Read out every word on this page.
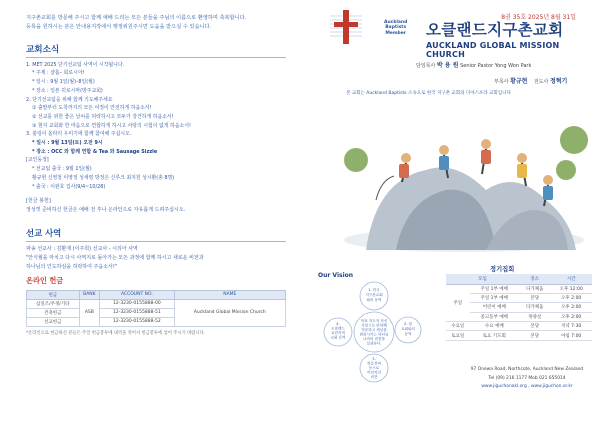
지구촌교회를 방문해 주시고 함께 예배 드리는 모든 분들을 주님의 이름으로 환영하며 축복합니다.
등록을 원하시는 분은 안내용지작에서 행정위원주시면 도움을 받으실 수 있습니다.
교회소식
1. MET 2025 단기선교팀 사역이 시작됩니다.
* 주제 : 샬롬– 회로시아!
* 일시 : 9월 1일(월)–8일(월)
* 장소 : 일본 히로시마(방주교회)
2. 단기선교팀을 위해 함께 기도해주세요
① 출발부터 도착까지의 모든 여정이 안전하게 하옵소서!
② 선교를 위한 좋은 날씨를 허락하시고 모두가 강건하게 하옵소서!
③ 현지 교회와 한 마음으로 연합하게 하시고 사랑의 시험이 없게 하옵소서!
3. 볼링이 올라리 우미기에 함께 참여해 주십시오.
* 일시 : 9월 13일(토) 오전 9시
* 장소 : OCC 와 함께 연합 & Tea 와 Sausage Sizzle
[교인동정]
* 선교팀 출국 : 9월 1일(월)
황규현 신영철 이영정 성세령 방정은 신루크 최지원 성시환(총 8명)
* 출국 : 이관호 집사(9/4~10/28)
[헌금 봉헌]
정성껏 준비하신 헌금은 예배 전 후나 온라인으로 자유롭게 드려주십시오.
선교 사역
파송 선교사 : 김환재 (이주희) 선교사 - 시리아 사역
"안식월을 마치고 다시 사역지로 돌아가는 모든 과정에 함께 하시고 새로운 비전과
하나님의 인도하심을 허락하여 주옵소서!"
온라인 헌금
헌금	BANK	ACCOUNT NO.	NAME
십일조/주정/기타	ASB	12-3230-0155888-00	Auckland Global Mission Church
건축헌금		12-3230-0155888-51	
선교헌금		12-3230-0155888-52	
*온라인으로 헌금하신 분들은 주일 헌금봉투에 내역을 적어서 헌금봉투에 넣어 주시기 바랍니다.
8권 35호 2025년 8월 31일
Auckland
Baptists
Member 오클랜드지구촌교회
AUCKLAND GLOBAL MISSION CHURCH
담임목사 박 용 원 Senior Pastor Yong Won Park
부목사 황규현 전도사 정혁기
본 교회는 Auckland Baptists 소속으로 한국 지구촌 교회의 디아스포라 교회입니다
Our Vision
목표 지도자 자신
사랑으로 안락해
적응하고 세상을
변화시키는 하나님
나라의 비전을
실현한다.
1. 한국
지구촌교회
와의 동역
2. 열
교회와의
동역
3.
복음전파
동으로
이민자의
비전
4.
오클랜드
교민지역
교회 동역
정기집회
모임		장소	시간
주일	주일 1부 예배	다가체움	오후 12:00
	주일 1부 예배	본당	오후 2:00
	어린이 예배	다가체움	오후 2:00
	중고등부 예배	목양실	오후 2:00
수요일	수요 예배	본당	저녁 7:30
토요일	토요 기도회	본당	아침 7:00
97 Onewa Road, Northcote, Auckland New Zealand
Tel (09) 216 1177 Mob 021 655014
www.jiguchonakl.org , www.jiguchon.or.kr
